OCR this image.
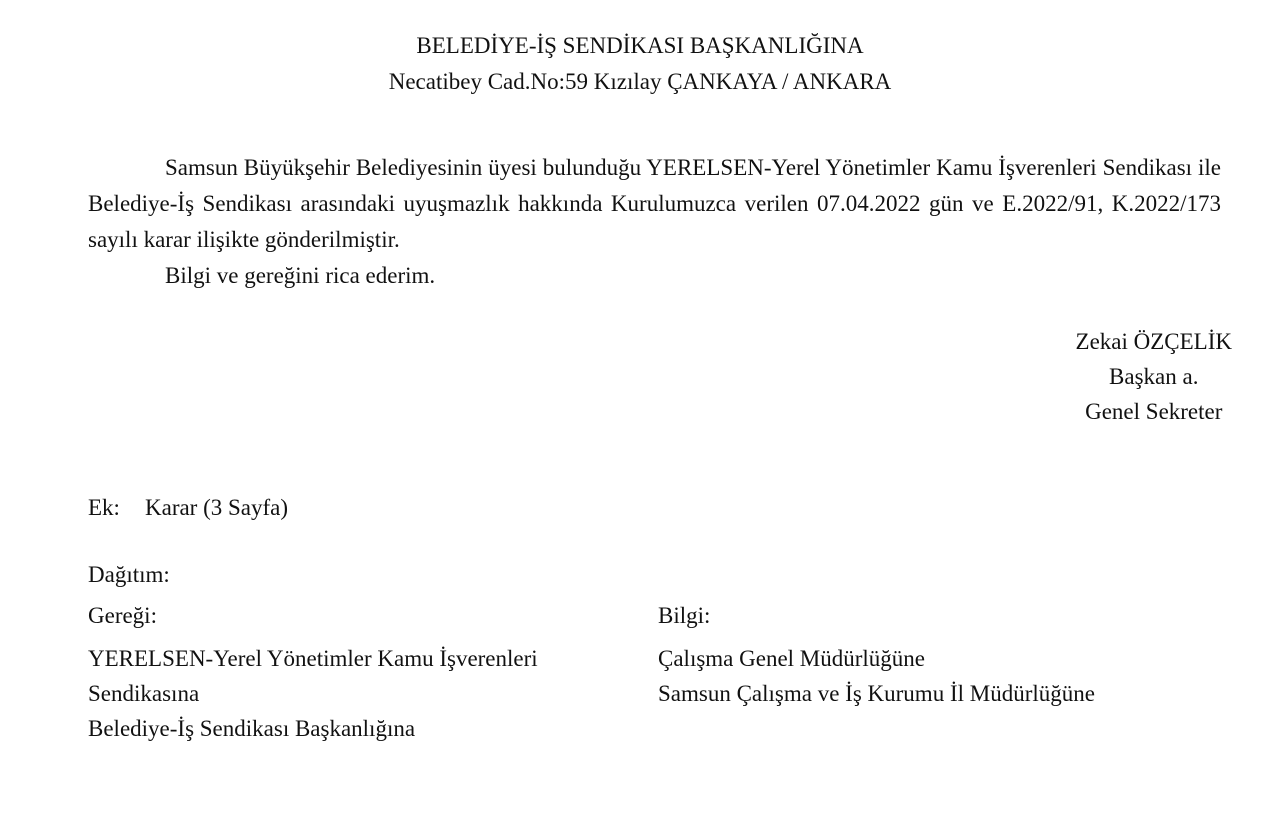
BELEDİYE-İŞ SENDİKASI BAŞKANLIĞINA
Necatibey Cad.No:59 Kızılay ÇANKAYA / ANKARA

Samsun Büyükşehir Belediyesinin üyesi bulunduğu YERELSEN-Yerel Yönetimler Kamu İşverenleri Sendikası ile Belediye-İş Sendikası arasındaki uyuşmazlık hakkında Kurulumuzca verilen 07.04.2022 gün ve E.2022/91, K.2022/173 sayılı karar ilişikte gönderilmiştir.

Bilgi ve gereğini rica ederim.

Zekai ÖZÇELİK
Başkan a.
Genel Sekreter
Ek: Karar (3 Sayfa)
Dağıtım:
Gereği:
YERELSEN-Yerel Yönetimler Kamu İşverenleri
Sendikasına
Belediye-İş Sendikası Başkanlığına
Bilgi:
Çalışma Genel Müdürlüğüne
Samsun Çalışma ve İş Kurumu İl Müdürlüğüne
